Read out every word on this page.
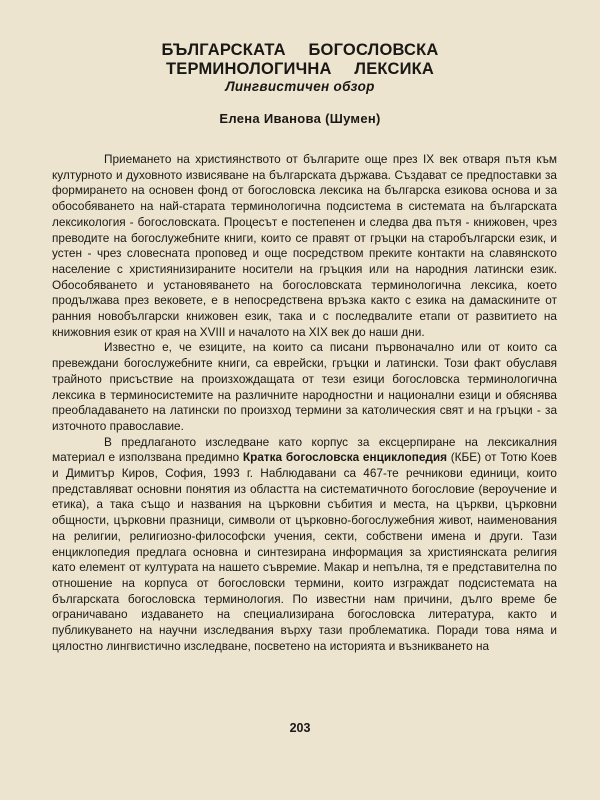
БЪЛГАРСКАТА БОГОСЛОВСКА
ТЕРМИНОЛОГИЧНА ЛЕКСИКА
Лингвистичен обзор
Елена Иванова (Шумен)

Приемането на християнството от българите още през IX век отваря пътя към културното и духовното извисяване на българската държава. Създават се предпоставки за формирането на основен фонд от богословска лексика на българска езикова основа и за обособяването на най-старата терминологична подсистема в системата на българската лексикология - богословската. Процесът е постепенен и следва два пътя - книжовен, чрез преводите на богослужебните книги, които се правят от гръцки на старобългарски език, и устен - чрез словесната проповед и още посредством преките контакти на славянското население с християнизираните носители на гръцкия или на народния латински език. Обособяването и установяването на богословската терминологична лексика, което продължава през вековете, е в непосредствена връзка както с езика на дамаскините от ранния новобългарски книжовен език, така и с последвалите етапи от развитието на книжовния език от края на XVIII и началото на XIX век до наши дни.

Известно е, че езиците, на които са писани първоначално или от които са превеждани богослужебните книги, са еврейски, гръцки и латински. Този факт обуславя трайното присъствие на произхождащата от тези езици богословска терминологична лексика в терминосистемите на различните народностни и национални езици и обяснява преобладаването на латински по произход термини за католическия свят и на гръцки - за източното православие.

В предлаганото изследване като корпус за ексцерпиране на лексикалния материал е използвана предимно Кратка богословска енциклопедия (КБЕ) от Тотю Коев и Димитър Киров, София, 1993 г. Наблюдавани са 467-те речникови единици, които представляват основни понятия из областта на систематичното богословие (вероучение и етика), а така също и названия на църковни събития и места, на църкви, църковни общности, църковни празници, символи от църковно-богослужебния живот, наименования на религии, религиозно-философски учения, секти, собствени имена и други. Тази енциклопедия предлага основна и синтезирана информация за християнската религия като елемент от културата на нашето съвремие. Макар и непълна, тя е представителна по отношение на корпуса от богословски термини, които изграждат подсистемата на българската богословска терминология. По известни нам причини, дълго време бе ограничавано издаването на специализирана богословска литература, както и публикуването на научни изследвания върху тази проблематика. Поради това няма и цялостно лингвистично изследване, посветено на историята и възникването на

203
